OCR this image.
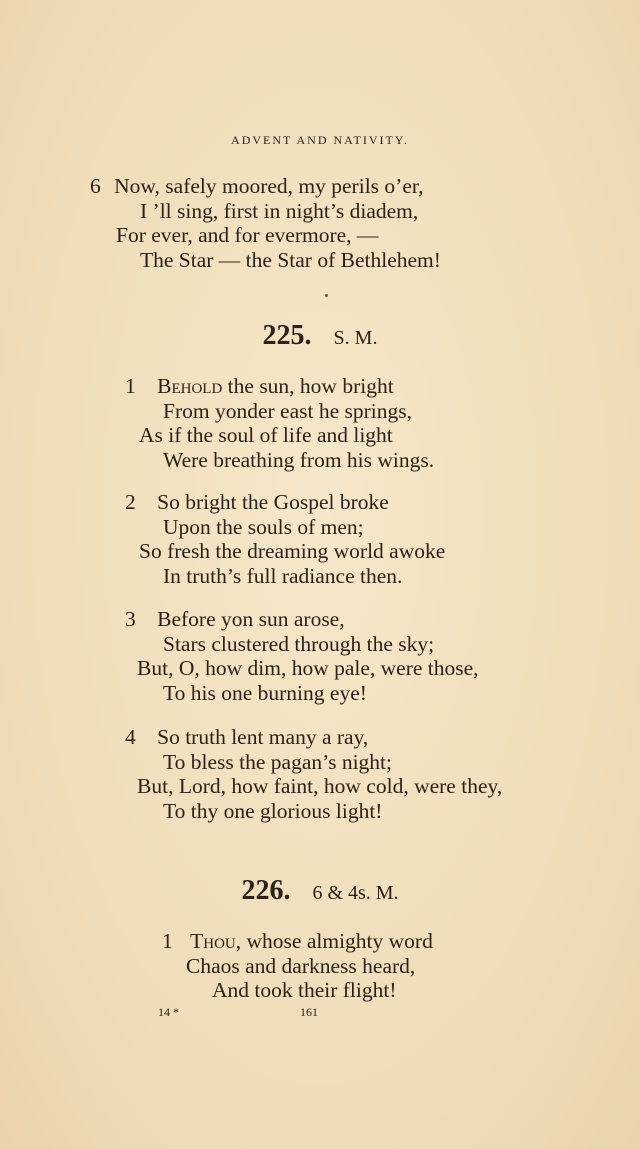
ADVENT AND NATIVITY.
6 Now, safely moored, my perils o’er,
I ’ll sing, first in night’s diadem,
For ever, and for evermore, —
The Star — the Star of Bethlehem!
225. S. M.
1 Behold the sun, how bright
From yonder east he springs,
As if the soul of life and light
Were breathing from his wings.
2 So bright the Gospel broke
Upon the souls of men;
So fresh the dreaming world awoke
In truth’s full radiance then.
3 Before yon sun arose,
Stars clustered through the sky;
But, O, how dim, how pale, were those,
To his one burning eye!
4 So truth lent many a ray,
To bless the pagan’s night;
But, Lord, how faint, how cold, were they,
To thy one glorious light!
226. 6 & 4s. M.
1 Thou, whose almighty word
Chaos and darkness heard,
And took their flight!
14 *	161
